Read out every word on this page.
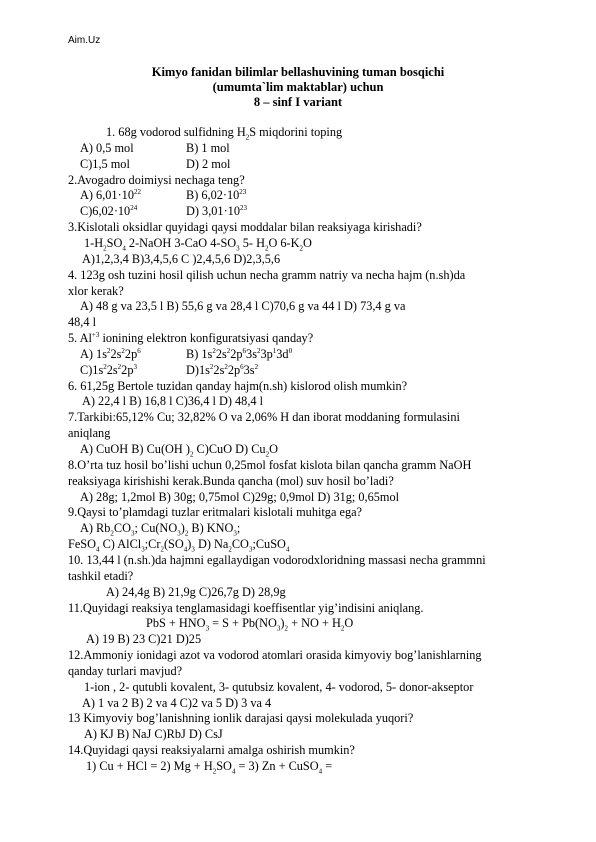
Aim.Uz
Kimyo fanidan bilimlar bellashuvining tuman bosqichi
(umumta`lim maktablar) uchun
8 – sinf I variant
1. 68g vodorod sulfidning $H_2S$ miqdorini toping
A) 0,5 mol	B) 1 mol
C)1,5 mol	D) 2 mol
2.Avogadro doimiysi nechaga teng?
A) $6,01\cdot 10^{22}$	B) $6,02\cdot 10^{23}$
$C)6,02\cdot 10^{24}$	D) $3,01\cdot 10^{23}$
3.Kislotali oksidlar quyidagi qaysi moddalar bilan reaksiyaga kirishadi?
$1-H_2SO_4$ 2-NaOH 3-CaO $4-SO_3$ 5- $H_2O$ $6-K_2O$
A)1,2,3,4 B)3,4,5,6 C )2,4,5,6 D)2,3,5,6
4. 123g osh tuzini hosil qilish uchun necha gramm natriy va necha hajm (n.sh)da
xlor kerak?
A) 48 g va 23,5 l B) 55,6 g va 28,4 l C)70,6 g va 44 l D) 73,4 g va
48,4 l
5. $Al^{+3}$ ionining elektron konfiguratsiyasi qanday?
A) $1s^22s^22p^6$	B) $1s^22s^22p^63s^23p^13d^0$
$C)1s^22s^22p^3$	$D)1s^22s^22p^63s^2$
6. 61,25g Bertole tuzidan qanday hajm(n.sh) kislorod olish mumkin?
A) 22,4 l B) 16,8 l C)36,4 l D) 48,4 l
7.Tarkibi:65,12% Cu; 32,82% O va 2,06% H dan iborat moddaning formulasini
aniqlang
A) CuOH B) Cu(OH )$_2$ C)CuO D) $Cu_2O$
8.O’rta tuz hosil bo’lishi uchun 0,25mol fosfat kislota bilan qancha gramm NaOH
reaksiyaga kirishishi kerak.Bunda qancha (mol) suv hosil bo’ladi?
A) 28g; 1,2mol B) 30g; 0,75mol C)29g; 0,9mol D) 31g; 0,65mol
9.Qaysi to’plamdagi tuzlar eritmalari kislotali muhitga ega?
A) $Rb_2CO_3$; $Cu(NO_3)_2$ B) $KNO_3$;
FeSO$_4$ C) $AlCl_3;Cr_2(SO_4)_3$ D) $Na_2CO_3;CuSO_4$
10. 13,44 l (n.sh.)da hajmni egallaydigan vodorodxloridning massasi necha grammni
tashkil etadi?
A) 24,4g B) 21,9g C)26,7g D) 28,9g
11.Quyidagi reaksiya tenglamasidagi koeffisentlar yig’indisini aniqlang.
PbS + $HNO_3 = S + Pb(NO_3)_2$ + NO + $H_2O$
A) 19 B) 23 C)21 D)25
12.Ammoniy ionidagi azot va vodorod atomlari orasida kimyoviy bog’lanishlarning
qanday turlari mavjud?
1-ion , 2- qutubli kovalent, 3- qutubsiz kovalent, 4- vodorod, 5- donor-akseptor
A) 1 va 2 B) 2 va 4 C)2 va 5 D) 3 va 4
13 Kimyoviy bog’lanishning ionlik darajasi qaysi molekulada yuqori?
A) KJ B) NaJ C)RbJ D) CsJ
14.Quyidagi qaysi reaksiyalarni amalga oshirish mumkin?
1) Cu + HCl = 2) $Mg + H_2SO_4 = 3$) Zn + CuSO$_4$ =
